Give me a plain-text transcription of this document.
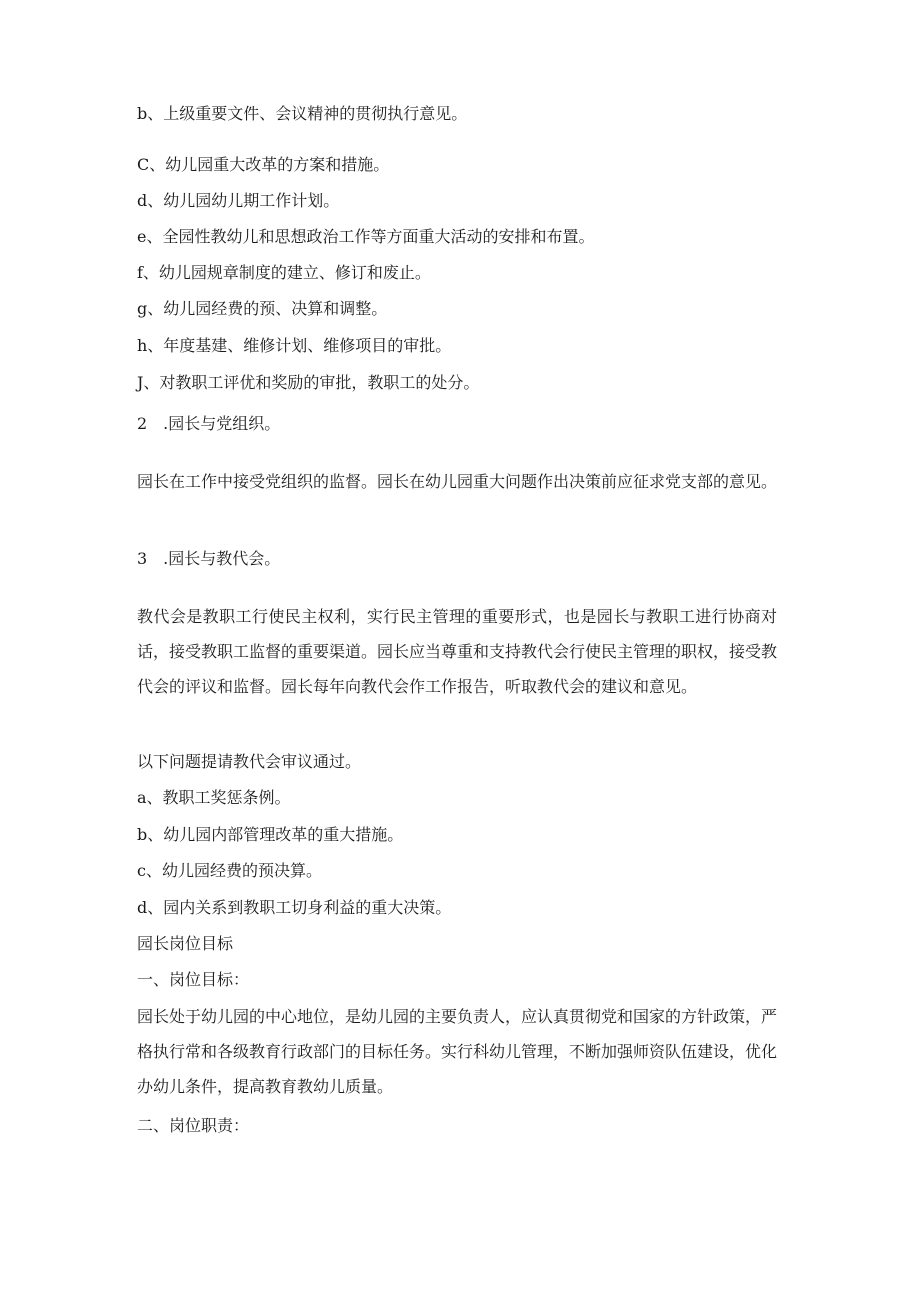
b、上级重要文件、会议精神的贯彻执行意见。
C、幼儿园重大改革的方案和措施。
d、幼儿园幼儿期工作计划。
e、全园性教幼儿和思想政治工作等方面重大活动的安排和布置。
f、幼儿园规章制度的建立、修订和废止。
g、幼儿园经费的预、决算和调整。
h、年度基建、维修计划、维修项目的审批。
J、对教职工评优和奖励的审批，教职工的处分。
2　.园长与党组织。
园长在工作中接受党组织的监督。园长在幼儿园重大问题作出决策前应征求党支部的意见。
3　.园长与教代会。
教代会是教职工行使民主权利，实行民主管理的重要形式，也是园长与教职工进行协商对话，接受教职工监督的重要渠道。园长应当尊重和支持教代会行使民主管理的职权，接受教代会的评议和监督。园长每年向教代会作工作报告，听取教代会的建议和意见。
以下问题提请教代会审议通过。
a、教职工奖惩条例。
b、幼儿园内部管理改革的重大措施。
c、幼儿园经费的预决算。
d、园内关系到教职工切身利益的重大决策。
园长岗位目标
一、岗位目标：
园长处于幼儿园的中心地位，是幼儿园的主要负责人，应认真贯彻党和国家的方针政策，严格执行常和各级教育行政部门的目标任务。实行科幼儿管理，不断加强师资队伍建设，优化办幼儿条件，提高教育教幼儿质量。
二、岗位职责：
